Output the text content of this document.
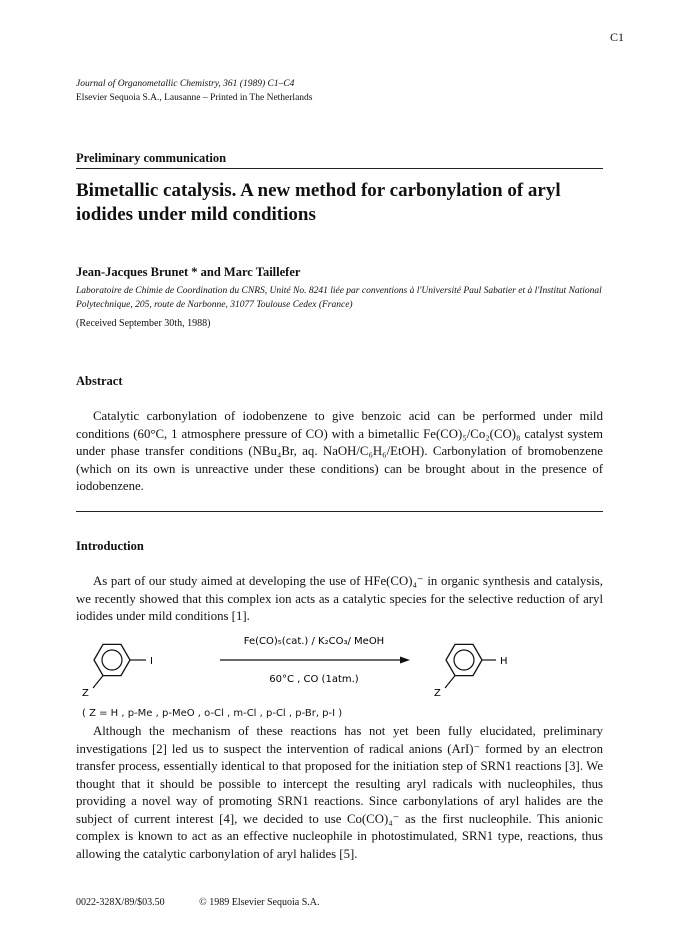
C1
Journal of Organometallic Chemistry, 361 (1989) C1–C4
Elsevier Sequoia S.A., Lausanne – Printed in The Netherlands
Preliminary communication
Bimetallic catalysis. A new method for carbonylation of aryl iodides under mild conditions
Jean-Jacques Brunet * and Marc Taillefer
Laboratoire de Chimie de Coordination du CNRS, Unité No. 8241 liée par conventions à l'Université Paul Sabatier et à l'Institut National Polytechnique, 205, route de Narbonne, 31077 Toulouse Cedex (France)
(Received September 30th, 1988)
Abstract

Catalytic carbonylation of iodobenzene to give benzoic acid can be performed under mild conditions (60°C, 1 atmosphere pressure of CO) with a bimetallic Fe(CO)₅/Co₂(CO)₈ catalyst system under phase transfer conditions (NBu₄Br, aq. NaOH/C₆H₆/EtOH). Carbonylation of bromobenzene (which on its own is unreactive under these conditions) can be brought about in the presence of iodobenzene.

Introduction

As part of our study aimed at developing the use of HFe(CO)₄⁻ in organic synthesis and catalysis, we recently showed that this complex ion acts as a catalytic species for the selective reduction of aryl iodides under mild conditions [1].

I
Z
Fe(CO)₅(cat.) / K₂CO₃/ MeOH
60°C , CO (1atm.)
H
Z
( Z = H , p-Me , p-MeO , o-Cl , m-Cl , p-Cl , p-Br, p-I )

Although the mechanism of these reactions has not yet been fully elucidated, preliminary investigations [2] led us to suspect the intervention of radical anions (ArI)⁻ formed by an electron transfer process, essentially identical to that proposed for the initiation step of SRN1 reactions [3]. We thought that it should be possible to intercept the resulting aryl radicals with nucleophiles, thus providing a novel way of promoting SRN1 reactions. Since carbonylations of aryl halides are the subject of current interest [4], we decided to use Co(CO)₄⁻ as the first nucleophile. This anionic complex is known to act as an effective nucleophile in photostimulated, SRN1 type, reactions, thus allowing the catalytic carbonylation of aryl halides [5].

0022-328X/89/$03.50	© 1989 Elsevier Sequoia S.A.
